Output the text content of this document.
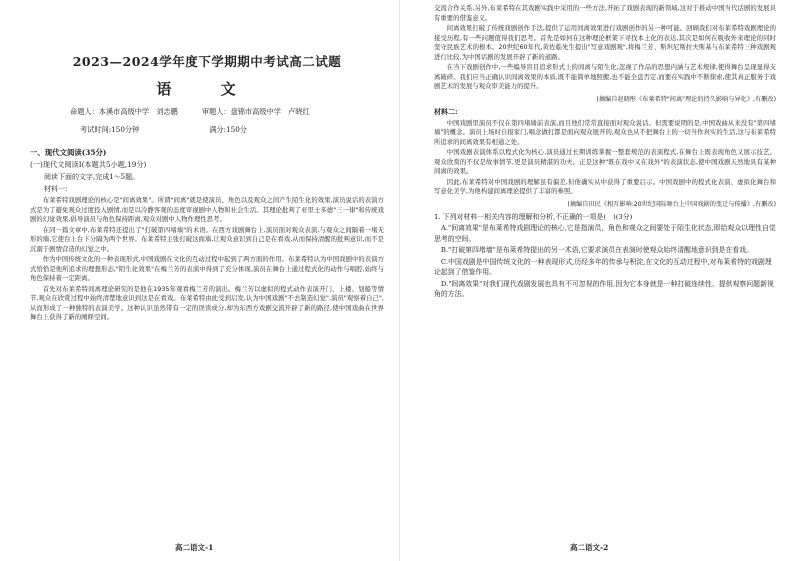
2023—2024学年度下学期期中考试高二试题
语 文
命题人：本溪市高级中学　刘志鹏	审题人：盘锦市高级中学　卢晓红
考试时间:150分钟	满分:150分
一、现代文阅读(35分)
(一)现代文阅读Ⅰ(本题共5小题,19分)
阅读下面的文字,完成1～5题。
材料一:
布莱希特戏剧理论的核心是"间离效果"。所谓"间离"就是使演员、角色以及观众之间产生陌生化的效果,演员说话的表演方式是为了避免观众过度投入剧情,而是以冷静客观的态度审视剧中人物和社会生活。其理论批判了亚里士多德"三一律"和传统戏剧的幻觉效果,倡导演员与角色保持距离,观众对剧中人物作理性思考。
在同一篇文章中,布莱希特还提出了"打破第四堵墙"的术语。在西方戏剧舞台上,演员面对观众表演,与观众之间隔着一堵无形的墙,它使台上台下分隔为两个世界。布莱希特主张打破这面墙,让观众意识到自己是在看戏,从而保持清醒的批判意识,而不是沉溺于剧情营造的幻觉之中。
作为中国传统文化的一种表现形式,中国戏剧在文化的互动过程中起到了两方面的作用。布莱希特认为中国戏剧中的表演方式恰恰是他所追求的理想形态,"陌生化效果"在梅兰芳的表演中得到了充分体现,演员在舞台上通过程式化的动作与唱腔,始终与角色保持着一定距离。
首先对布莱希特间离理论研究的是他在1935年观看梅兰芳的演出。梅兰芳以虚拟的程式动作表演开门、上楼、划船等情节,观众在欣赏过程中始终清楚地意识到这是在看戏。布莱希特由此受到启发,认为中国戏剧"不去制造幻觉",演员"观察着自己",从而形成了一种独特的表演美学。这种认识虽然带有一定的误读成分,却为东西方戏剧交流开辟了新的路径,使中国戏曲在世界舞台上获得了新的阐释空间。
高二语文-1
交流合作关系,另外,布莱希特在其戏剧实践中采用的一些方法,开拓了戏剧表现的新领域,这对于推动中国当代话剧的发展具有重要的借鉴意义。
间离效果打破了传统戏剧创作手法,提供了运用间离效果进行戏剧创作的另一种可能。回顾我们对布莱希特戏剧理论的接受历程,有一些问题值得我们思考。首先是如何在这种理论框架下寻找本土化的表达,其次是如何在吸收外来理论的同时坚守民族艺术的根本。20世纪60年代,黄佐临先生提出"写意戏剧观",将梅兰芳、斯坦尼斯拉夫斯基与布莱希特三种戏剧观进行比较,为中国话剧的发展开辟了新的道路。
在当下戏剧创作中,一些编导盲目追求形式上的间离与陌生化,忽视了作品的思想内涵与艺术规律,使得舞台呈现显得支离破碎。我们应当正确认识间离效果的本质,既不能简单地照搬,也不能全盘否定,而要在实践中不断探索,使其真正服务于戏剧艺术的发展与观众审美能力的提升。
(摘编自赵晓彤《布莱希特"间离"理论的持久影响与异化》,有删改)
材料二:
中国戏剧里演员不仅在第四堵墙前表演,而且他们常常直接面对观众说话。但需要说明的是,中国戏曲从来没有"第四堵墙"的概念。演员上场时自报家门,唱念做打都是面向观众展开的,观众也从不把舞台上的一切当作真实的生活,这与布莱希特所追求的间离效果有相通之处。
中国戏剧表演体系以程式化为核心,演员通过长期训练掌握一整套规范的表演程式,在舞台上既表现角色又展示技艺。观众欣赏的不仅是故事情节,更是演员精湛的功夫。正是这种"既在戏中又在戏外"的表演状态,使中国戏剧天然地具有某种间离的效果。
因此,布莱希特对中国戏剧的理解虽有偏差,但他确实从中获得了重要启示。中国戏剧中的程式化表演、虚拟化舞台和写意化美学,为他构建间离理论提供了丰富的参照。
(摘编自田民《相互影响:20世纪国际舞台上中国戏剧的变迁与传播》,有删改)
1. 下列对材料一相关内容的理解和分析,不正确的一项是(　)(3分)
A."间离效果"是布莱希特戏剧理论的核心,它是指演员、角色和观众之间要处于陌生化状态,即给观众以理性自觉思考的空间。
B."打破第四堵墙"是布莱希特提出的另一术语,它要求演员在表演时使观众始终清醒地意识到是在看戏。
C.中国戏剧是中国传统文化的一种表现形式,历经多年的传承与积淀,在文化的互动过程中,对布莱希特的戏剧理论起到了借鉴作用。
D."间离效果"对我们现代戏剧发展也具有不可忽视的作用,因为它本身就是一种打破连续性、提供观察问题新视角的方法。
高二语文-2
